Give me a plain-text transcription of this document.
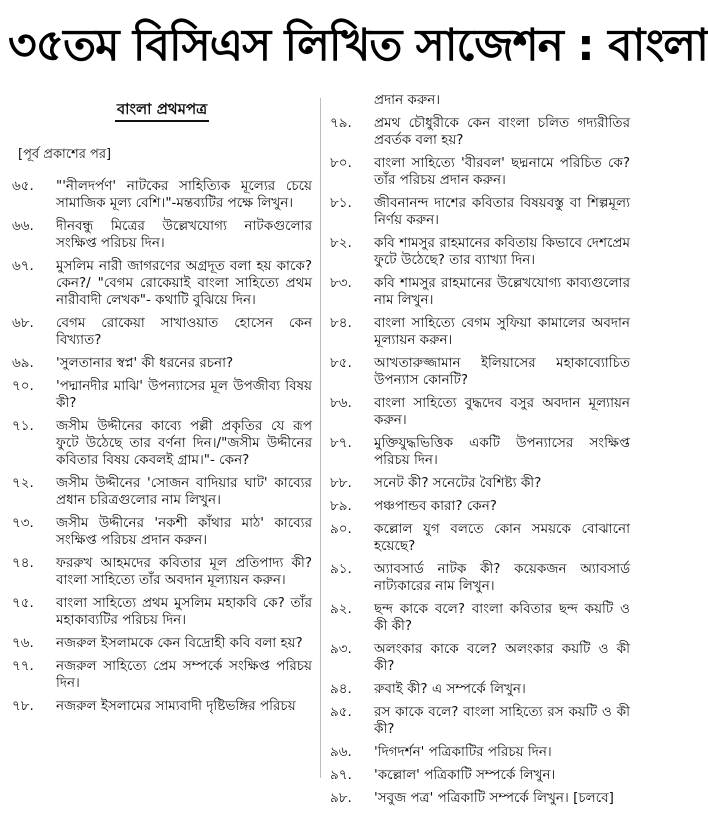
৩৫তম বিসিএস লিখিত সাজেশন : বাংলা
বাংলা প্রথমপত্র
[পূর্ব প্রকাশের পর]
৬৫.	"'নীলদর্পণ' নাটকের সাহিত্যিক মূল্যের চেয়ে সামাজিক মূল্য বেশি।"-মন্তব্যটির পক্ষে লিখুন।
৬৬.	দীনবন্ধু মিত্রের উল্লেখযোগ্য নাটকগুলোর সংক্ষিপ্ত পরিচয় দিন।
৬৭.	মুসলিম নারী জাগরণের অগ্রদূত বলা হয় কাকে? কেন?/ "বেগম রোকেয়াই বাংলা সাহিত্যে প্রথম নারীবাদী লেখক"- কথাটি বুঝিয়ে দিন।
৬৮.	বেগম রোকেয়া সাখাওয়াত হোসেন কেন বিখ্যাত?
৬৯.	'সুলতানার স্বপ্ন' কী ধরনের রচনা?
৭০.	'পদ্মানদীর মাঝি' উপন্যাসের মূল উপজীব্য বিষয় কী?
৭১.	জসীম উদ্দীনের কাব্যে পল্লী প্রকৃতির যে রূপ ফুটে উঠেছে তার বর্ণনা দিন।/"জসীম উদ্দীনের কবিতার বিষয় কেবলই গ্রাম।"- কেন?
৭২.	জসীম উদ্দীনের 'সোজন বাদিয়ার ঘাট' কাব্যের প্রধান চরিত্রগুলোর নাম লিখুন।
৭৩.	জসীম উদ্দীনের 'নকশী কাঁথার মাঠ' কাব্যের সংক্ষিপ্ত পরিচয় প্রদান করুন।
৭৪.	ফররুখ আহমদের কবিতার মূল প্রতিপাদ্য কী? বাংলা সাহিত্যে তাঁর অবদান মূল্যায়ন করুন।
৭৫.	বাংলা সাহিত্যে প্রথম মুসলিম মহাকবি কে? তাঁর মহাকাব্যটির পরিচয় দিন।
৭৬.	নজরুল ইসলামকে কেন বিদ্রোহী কবি বলা হয়?
৭৭.	নজরুল সাহিত্যে প্রেম সম্পর্কে সংক্ষিপ্ত পরিচয় দিন।
৭৮.	নজরুল ইসলামের সাম্যবাদী দৃষ্টিভঙ্গির পরিচয়
প্রদান করুন।
৭৯.	প্রমথ চৌধুরীকে কেন বাংলা চলিত গদ্যরীতির প্রবর্তক বলা হয়?
৮০.	বাংলা সাহিত্যে 'বীরবল' ছদ্মনামে পরিচিত কে? তাঁর পরিচয় প্রদান করুন।
৮১.	জীবনানন্দ দাশের কবিতার বিষয়বস্তু বা শিল্পমূল্য নির্ণয় করুন।
৮২.	কবি শামসুর রাহমানের কবিতায় কিভাবে দেশপ্রেম ফুটে উঠেছে? তার ব্যাখ্যা দিন।
৮৩.	কবি শামসুর রাহমানের উল্লেখযোগ্য কাব্যগুলোর নাম লিখুন।
৮৪.	বাংলা সাহিত্যে বেগম সুফিয়া কামালের অবদান মূল্যায়ন করুন।
৮৫.	আখতারুজ্জামান ইলিয়াসের মহাকাব্যোচিত উপন্যাস কোনটি?
৮৬.	বাংলা সাহিত্যে বুদ্ধদেব বসুর অবদান মূল্যায়ন করুন।
৮৭.	মুক্তিযুদ্ধভিত্তিক একটি উপন্যাসের সংক্ষিপ্ত পরিচয় দিন।
৮৮.	সনেট কী? সনেটের বৈশিষ্ট্য কী?
৮৯.	পঞ্চপান্ডব কারা? কেন?
৯০.	কল্লোল যুগ বলতে কোন সময়কে বোঝানো হয়েছে?
৯১.	অ্যাবসার্ড নাটক কী? কয়েকজন অ্যাবসার্ড নাট্যকারের নাম লিখুন।
৯২.	ছন্দ কাকে বলে? বাংলা কবিতার ছন্দ কয়টি ও কী কী?
৯৩.	অলংকার কাকে বলে? অলংকার কয়টি ও কী কী?
৯৪.	রুবাই কী? এ সম্পর্কে লিখুন।
৯৫.	রস কাকে বলে? বাংলা সাহিত্যে রস কয়টি ও কী কী?
৯৬.	'দিগদর্শন' পত্রিকাটির পরিচয় দিন।
৯৭.	'কল্লোল' পত্রিকাটি সম্পর্কে লিখুন।
৯৮.	'সবুজ পত্র' পত্রিকাটি সম্পর্কে লিখুন। [চলবে]
